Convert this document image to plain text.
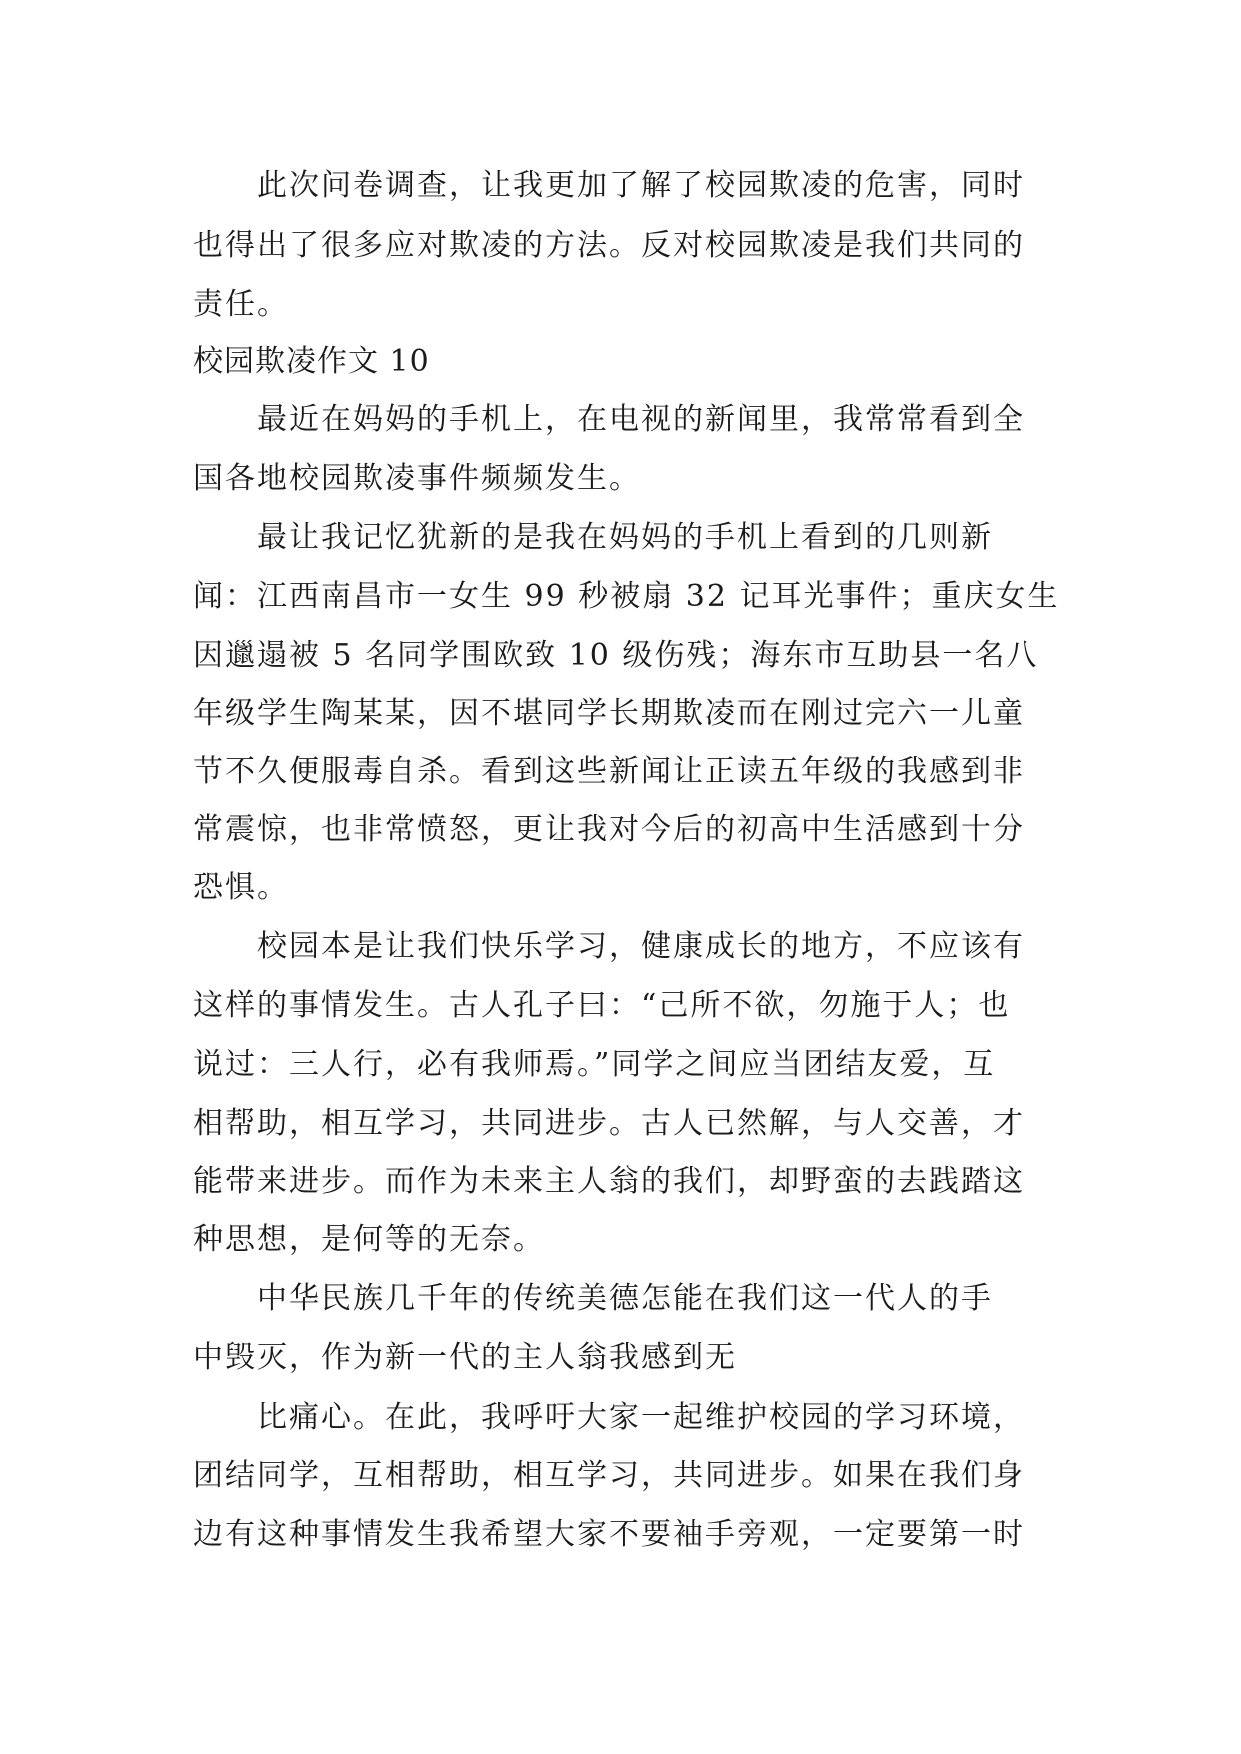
此次问卷调查，让我更加了解了校园欺凌的危害，同时
也得出了很多应对欺凌的方法。反对校园欺凌是我们共同的
责任。
校园欺凌作文 10
最近在妈妈的手机上，在电视的新闻里，我常常看到全
国各地校园欺凌事件频频发生。
最让我记忆犹新的是我在妈妈的手机上看到的几则新
闻：江西南昌市一女生 99 秒被扇 32 记耳光事件；重庆女生
因邋遢被 5 名同学围欧致 10 级伤残；海东市互助县一名八
年级学生陶某某，因不堪同学长期欺凌而在刚过完六一儿童
节不久便服毒自杀。看到这些新闻让正读五年级的我感到非
常震惊，也非常愤怒，更让我对今后的初高中生活感到十分
恐惧。
校园本是让我们快乐学习，健康成长的地方，不应该有
这样的事情发生。古人孔子曰：“己所不欲，勿施于人；也
说过：三人行，必有我师焉。”同学之间应当团结友爱，互
相帮助，相互学习，共同进步。古人已然解，与人交善，才
能带来进步。而作为未来主人翁的我们，却野蛮的去践踏这
种思想，是何等的无奈。
中华民族几千年的传统美德怎能在我们这一代人的手
中毁灭，作为新一代的主人翁我感到无
比痛心。在此，我呼吁大家一起维护校园的学习环境，
团结同学，互相帮助，相互学习，共同进步。如果在我们身
边有这种事情发生我希望大家不要袖手旁观，一定要第一时
